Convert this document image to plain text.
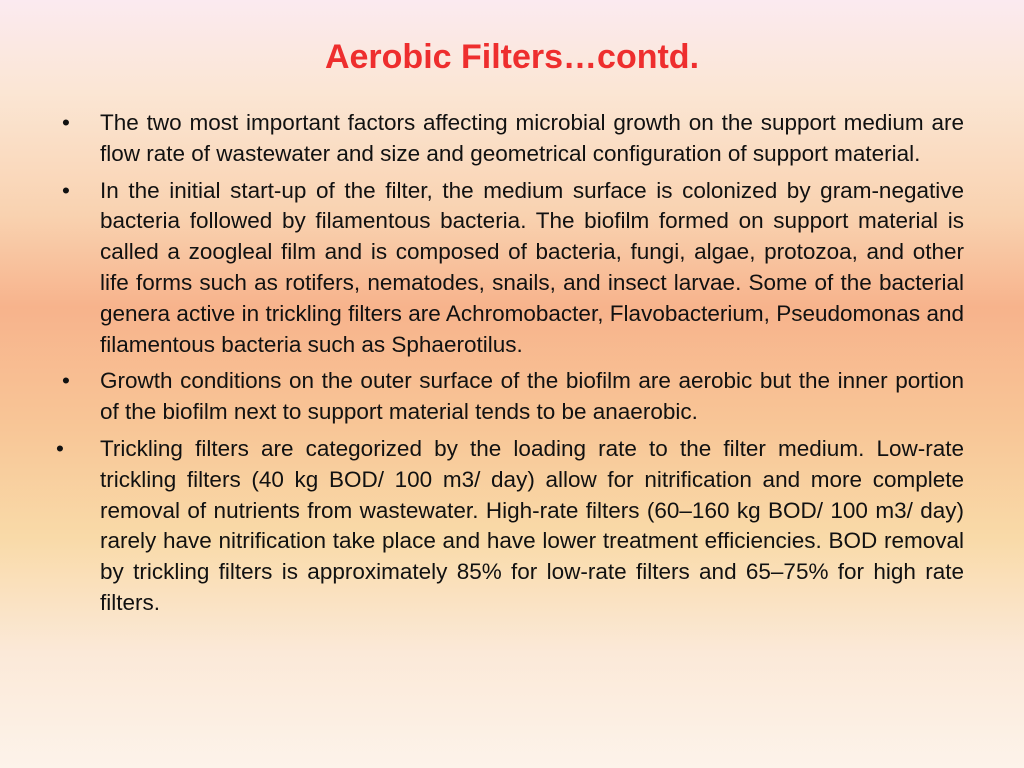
Aerobic Filters…contd.
• The two most important factors affecting microbial growth on the support medium are flow rate of wastewater and size and geometrical configuration of support material.
• In the initial start-up of the filter, the medium surface is colonized by gram-negative bacteria followed by filamentous bacteria. The biofilm formed on support material is called a zoogleal film and is composed of bacteria, fungi, algae, protozoa, and other life forms such as rotifers, nematodes, snails, and insect larvae. Some of the bacterial genera active in trickling filters are Achromobacter, Flavobacterium, Pseudomonas and filamentous bacteria such as Sphaerotilus.
• Growth conditions on the outer surface of the biofilm are aerobic but the inner portion of the biofilm next to support material tends to be anaerobic.
•	Trickling filters are categorized by the loading rate to the filter medium. Low-rate trickling filters (40 kg BOD/ 100 m3/ day) allow for nitrification and more complete removal of nutrients from wastewater. High-rate filters (60–160 kg BOD/ 100 m3/ day) rarely have nitrification take place and have lower treatment efficiencies. BOD removal by trickling filters is approximately 85% for low-rate filters and 65–75% for high rate filters.
